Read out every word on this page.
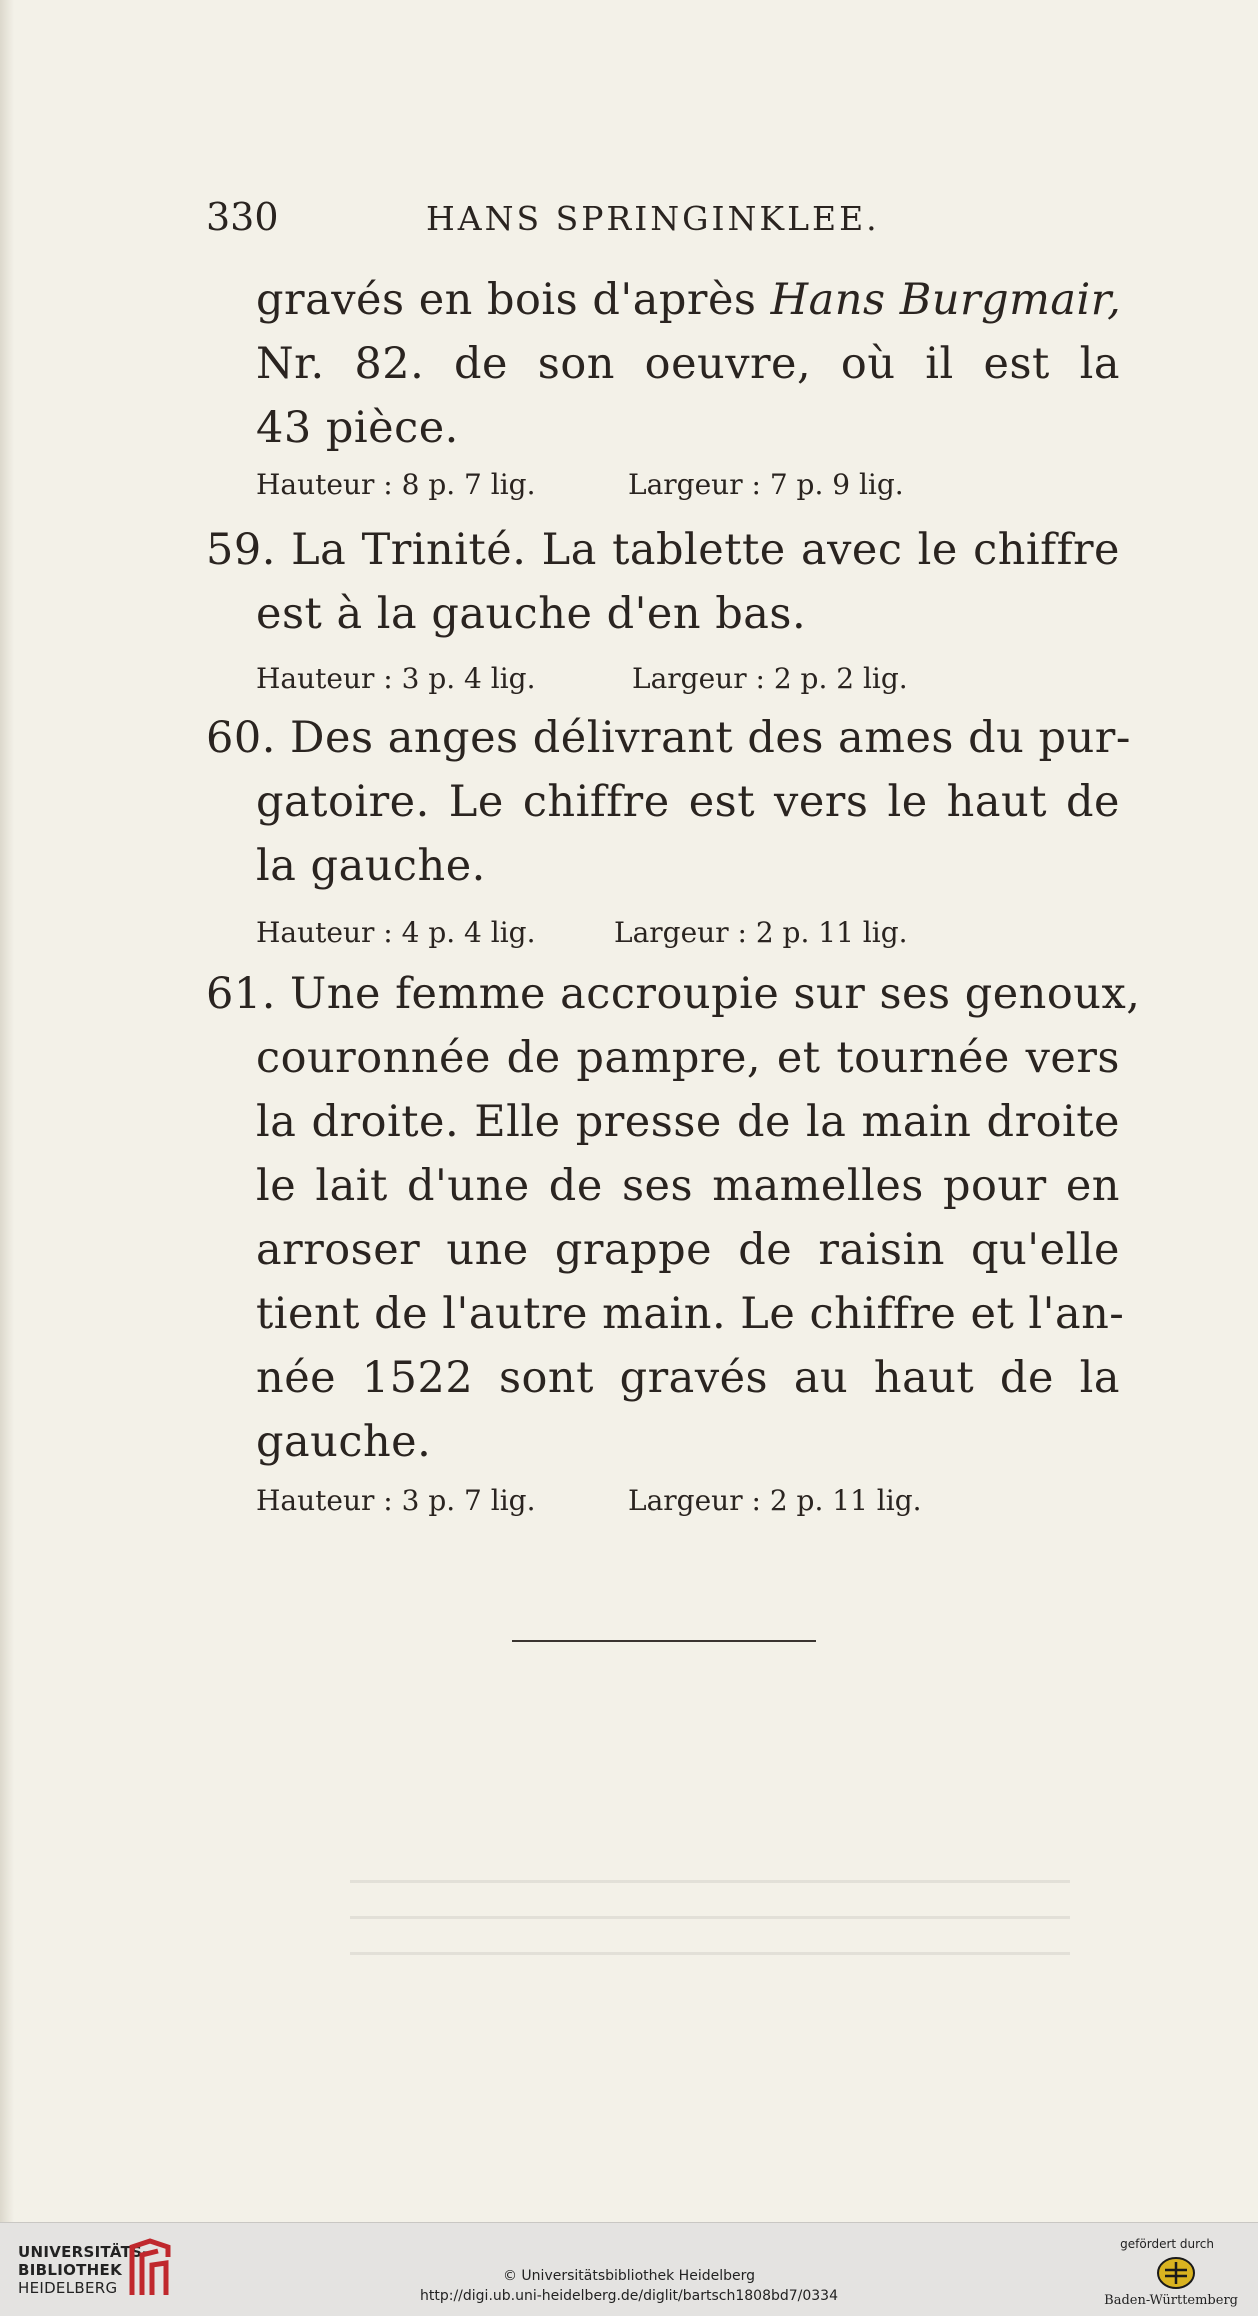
330	HANS SPRINGINKLEE.
gravés en bois d'après Hans Burgmair,
Nr. 82. de son oeuvre, où il est la
43 pièce.
Hauteur : 8 p. 7 lig.	Largeur : 7 p. 9 lig.
59. La Trinité. La tablette avec le chiffre
est à la gauche d'en bas.
Hauteur : 3 p. 4 lig.	Largeur : 2 p. 2 lig.
60. Des anges délivrant des ames du pur-
gatoire. Le chiffre est vers le haut de
la gauche.
Hauteur : 4 p. 4 lig.	Largeur : 2 p. 11 lig.
61. Une femme accroupie sur ses genoux,
couronnée de pampre, et tournée vers
la droite. Elle presse de la main droite
le lait d'une de ses mamelles pour en
arroser une grappe de raisin qu'elle
tient de l'autre main. Le chiffre et l'an-
née 1522 sont gravés au haut de la
gauche.
Hauteur : 3 p. 7 lig.	Largeur : 2 p. 11 lig.
UNIVERSITÄTS-
BIBLIOTHEK
HEIDELBERG
© Universitätsbibliothek Heidelberg
http://digi.ub.uni-heidelberg.de/diglit/bartsch1808bd7/0334
gefördert durch
Baden-Württemberg
